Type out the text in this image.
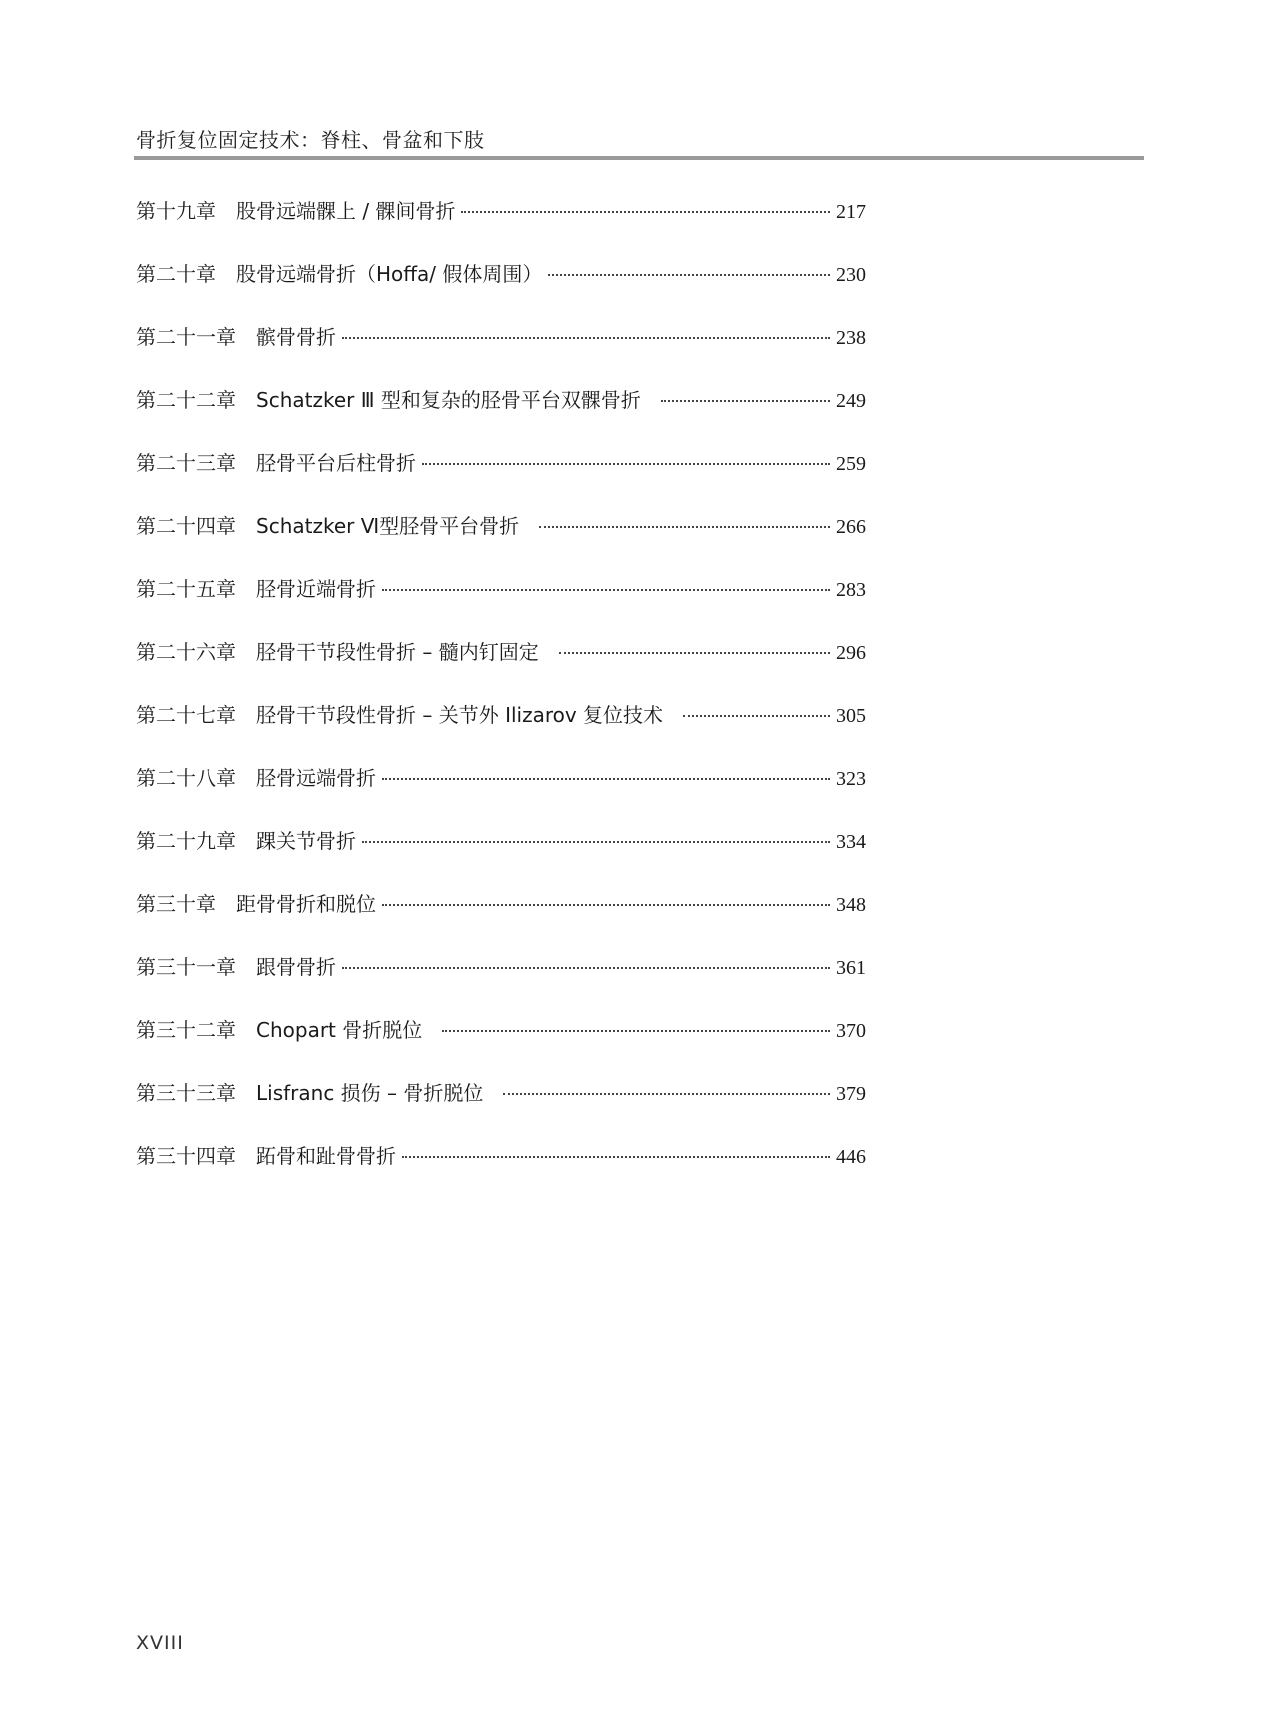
骨折复位固定技术：脊柱、骨盆和下肢
第十九章 股骨远端髁上 / 髁间骨折	217
第二十章 股骨远端骨折（Hoffa/ 假体周围）	230
第二十一章 髌骨骨折	238
第二十二章 Schatzker Ⅲ 型和复杂的胫骨平台双髁骨折	249
第二十三章 胫骨平台后柱骨折	259
第二十四章 Schatzker Ⅵ型胫骨平台骨折	266
第二十五章 胫骨近端骨折	283
第二十六章 胫骨干节段性骨折 – 髓内钉固定	296
第二十七章 胫骨干节段性骨折 – 关节外 Ilizarov 复位技术	305
第二十八章 胫骨远端骨折	323
第二十九章 踝关节骨折	334
第三十章 距骨骨折和脱位	348
第三十一章 跟骨骨折	361
第三十二章 Chopart 骨折脱位	370
第三十三章 Lisfranc 损伤 – 骨折脱位	379
第三十四章 跖骨和趾骨骨折	446
XVIII
